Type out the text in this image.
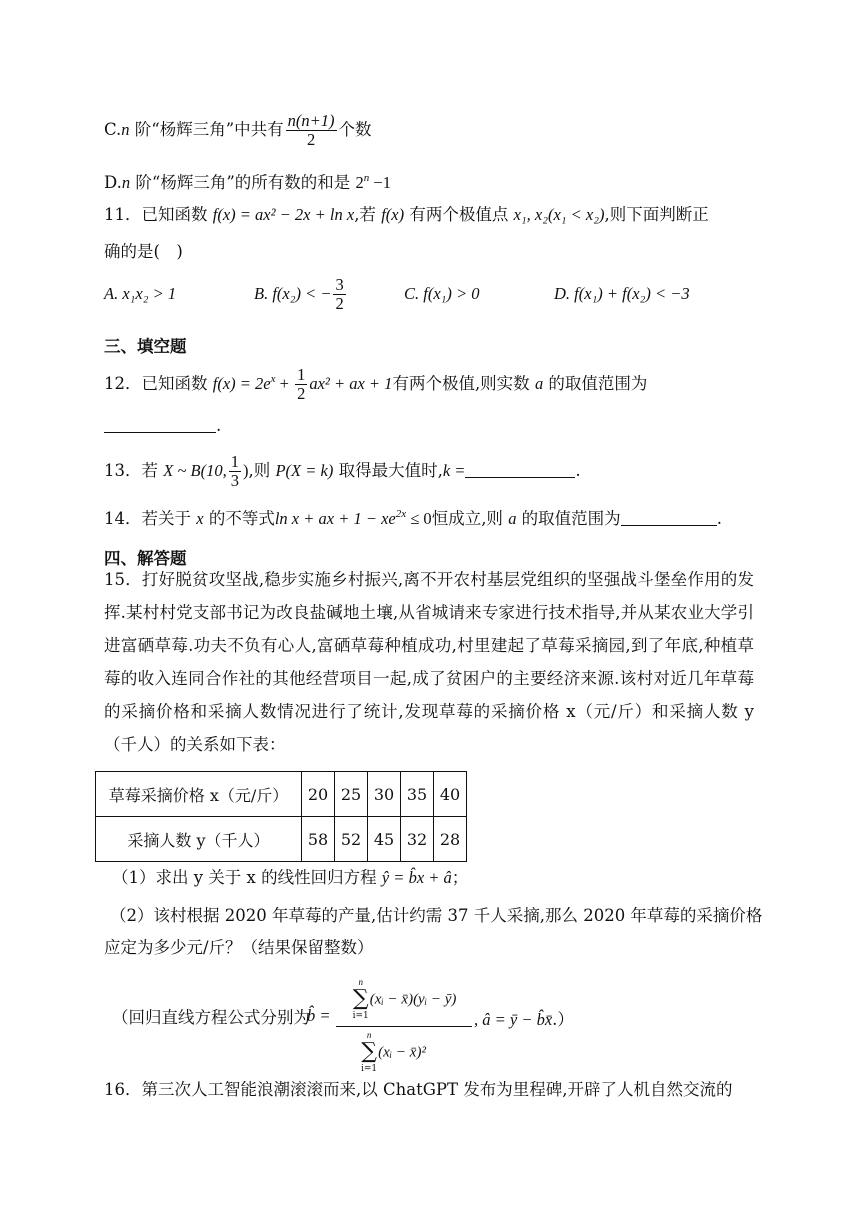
C.n 阶“杨辉三角”中共有 $\frac{n(n+1)}{2}$ 个数
D.n 阶“杨辉三角”的所有数的和是 $2^n -1$
11．已知函数 f(x) = ax² − 2x + ln x,若 f(x) 有两个极值点 x₁, x₂(x₁ < x₂),则下面判断正
确的是(　)
A. x₁x₂ > 1	B. f(x₂) < − $\frac{3}{2}$	C. f(x₁) > 0	D. f(x₁) + f(x₂) < −3
三、填空题
12．已知函数 $f(x) = 2e^x + \frac{1}{2} ax^2$ + ax + 1有两个极值,则实数 a 的取值范围为
.
13．若 X ~ B(10, $\frac{1}{3}$ ),则 P(X = k) 取得最大值时,k =	.
14．若关于 x 的不等式ln x + ax + $1 - xe^{2x} \le 0$恒成立,则 a 的取值范围为	.
四、解答题
15．打好脱贫攻坚战,稳步实施乡村振兴,离不开农村基层党组织的坚强战斗堡垒作用的发挥.某村村党支部书记为改良盐碱地土壤,从省城请来专家进行技术指导,并从某农业大学引进富硒草莓.功夫不负有心人,富硒草莓种植成功,村里建起了草莓采摘园,到了年底,种植草莓的收入连同合作社的其他经营项目一起,成了贫困户的主要经济来源.该村对近几年草莓的采摘价格和采摘人数情况进行了统计,发现草莓的采摘价格 x（元/斤）和采摘人数 y（千人）的关系如下表：
草莓采摘价格 x（元/斤）	20	25	30	35	40
采摘人数 y（千人）	58	52	45	32	28
（1）求出 y 关于 x 的线性回归方程 ŷ = b̂x + â；
（2）该村根据 2020 年草莓的产量,估计约需 37 千人采摘,那么 2020 年草莓的采摘价格
应定为多少元/斤？（结果保留整数）
（回归直线方程公式分别为
b̂ = n
∑
i=1
(xᵢ − x̄)(yᵢ − ȳ)
n
∑
i=1
(xᵢ − x̄)² , â = ȳ − b̂x̄.）
16．第三次人工智能浪潮滚滚而来,以 ChatGPT 发布为里程碑,开辟了人机自然交流的
